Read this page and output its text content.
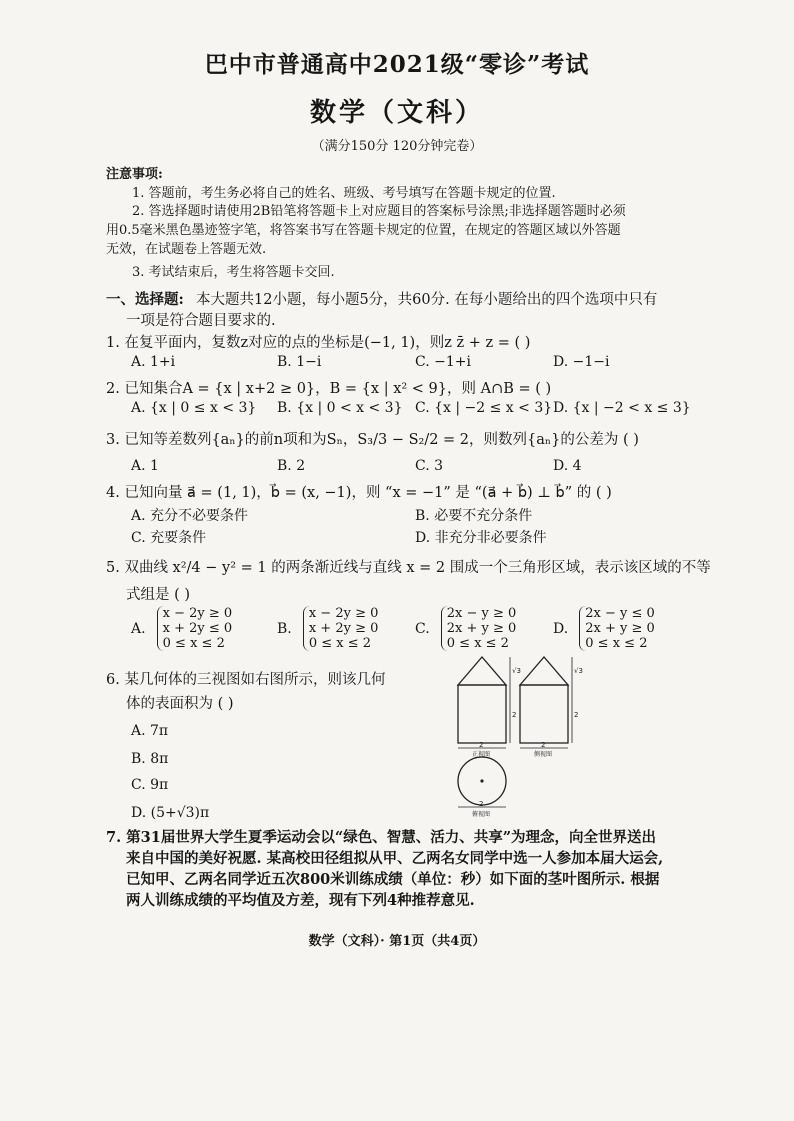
巴中市普通高中2021级“零诊”考试
数学（文科）
（满分150分 120分钟完卷）
注意事项:
1. 答题前，考生务必将自己的姓名、班级、考号填写在答题卡规定的位置.
2. 答选择题时请使用2B铅笔将答题卡上对应题目的答案标号涂黑;非选择题答题时必须
用0.5毫米黑色墨迹签字笔，将答案书写在答题卡规定的位置，在规定的答题区域以外答题
无效，在试题卷上答题无效.
3. 考试结束后，考生将答题卡交回.
一、选择题: 本大题共12小题，每小题5分，共60分. 在每小题给出的四个选项中只有
一项是符合题目要求的.
1. 在复平面内，复数z对应的点的坐标是(−1, 1)，则z z̄ + z = ( )
A. 1+i	B. 1−i	C. −1+i	D. −1−i
2. 已知集合A = {x | x+2 ≥ 0}，B = {x | x² < 9}，则 A∩B = ( )
A. {x | 0 ≤ x < 3} B. {x | 0 < x < 3} C. {x | −2 ≤ x < 3} D. {x | −2 < x ≤ 3}
3. 已知等差数列{aₙ}的前n项和为Sₙ，S₃/3 − S₂/2 = 2，则数列{aₙ}的公差为 ( )
A. 1	B. 2	C. 3	D. 4
4. 已知向量 a⃗ = (1, 1)，b⃗ = (x, −1)，则 “x = −1” 是 “(a⃗ + b⃗) ⊥ b⃗” 的 ( )
A. 充分不必要条件	B. 必要不充分条件
C. 充要条件	D. 非充分非必要条件
5. 双曲线 x²/4 − y² = 1 的两条渐近线与直线 x = 2 围成一个三角形区域，表示该区域的不等
式组是 ( )
A.
x − 2y ≥ 0
x + 2y ≤ 0
0 ≤ x ≤ 2
B.
x − 2y ≥ 0
x + 2y ≥ 0
0 ≤ x ≤ 2
C.
2x − y ≥ 0
2x + y ≥ 0
0 ≤ x ≤ 2
D.
2x − y ≤ 0
2x + y ≥ 0
0 ≤ x ≤ 2
6. 某几何体的三视图如右图所示，则该几何
体的表面积为 ( )
A. 7π
B. 8π
C. 9π
D. (5+√3)π
√3
2
√3
2
2	2
2
正视图	侧视图
俯视图
7. 第31届世界大学生夏季运动会以“绿色、智慧、活力、共享”为理念，向全世界送出
来自中国的美好祝愿. 某高校田径组拟从甲、乙两名女同学中选一人参加本届大运会,
已知甲、乙两名同学近五次800米训练成绩（单位：秒）如下面的茎叶图所示. 根据
两人训练成绩的平均值及方差，现有下列4种推荐意见.
数学（文科）· 第1页（共4页）
